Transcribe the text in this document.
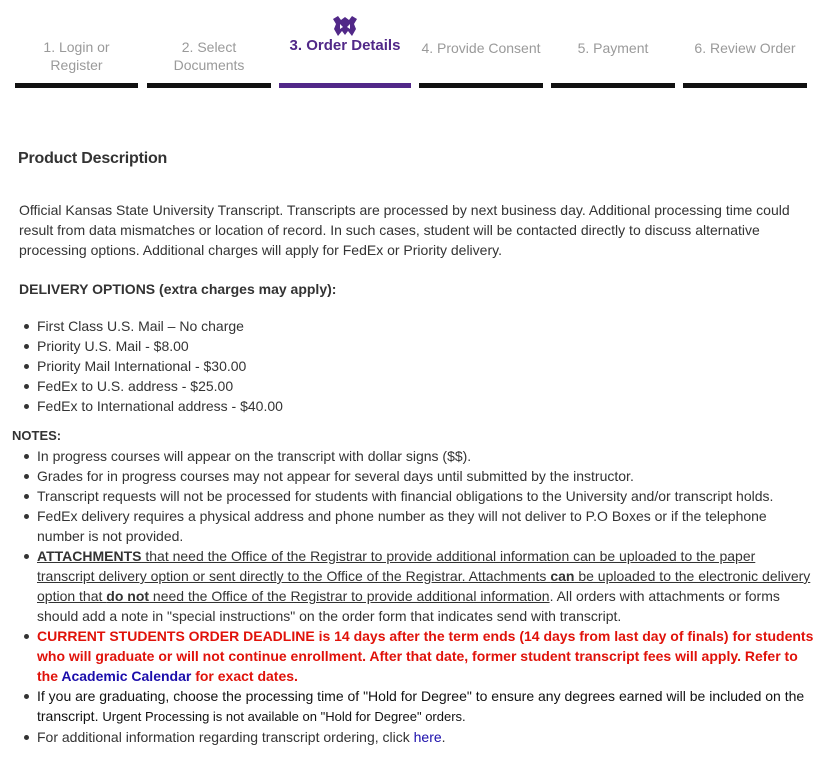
1. Login or
Register
2. Select
Documents
3. Order Details	4. Provide Consent	5. Payment	6. Review Order
Product Description

Official Kansas State University Transcript. Transcripts are processed by next business day. Additional processing time could result from data mismatches or location of record. In such cases, student will be contacted directly to discuss alternative processing options. Additional charges will apply for FedEx or Priority delivery.

DELIVERY OPTIONS (extra charges may apply):

First Class U.S. Mail – No charge
Priority U.S. Mail - $8.00
Priority Mail International - $30.00
FedEx to U.S. address - $25.00
FedEx to International address - $40.00

NOTES:

In progress courses will appear on the transcript with dollar signs ($$).
Grades for in progress courses may not appear for several days until submitted by the instructor.
Transcript requests will not be processed for students with financial obligations to the University and/or transcript holds.
FedEx delivery requires a physical address and phone number as they will not deliver to P.O Boxes or if the telephone number is not provided.
ATTACHMENTS that need the Office of the Registrar to provide additional information can be uploaded to the paper transcript delivery option or sent directly to the Office of the Registrar. Attachments can be uploaded to the electronic delivery option that do not need the Office of the Registrar to provide additional information. All orders with attachments or forms should add a note in "special instructions" on the order form that indicates send with transcript.
CURRENT STUDENTS ORDER DEADLINE is 14 days after the term ends (14 days from last day of finals) for students who will graduate or will not continue enrollment. After that date, former student transcript fees will apply. Refer to the Academic Calendar for exact dates.
If you are graduating, choose the processing time of "Hold for Degree" to ensure any degrees earned will be included on the transcript. Urgent Processing is not available on "Hold for Degree" orders.
For additional information regarding transcript ordering, click here.
